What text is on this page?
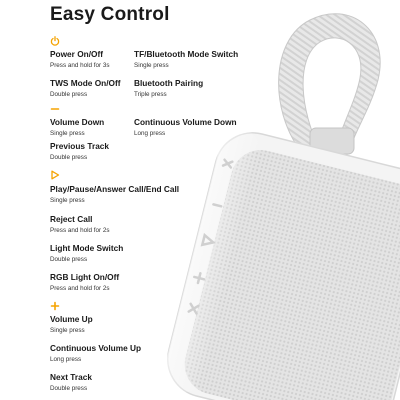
Easy Control
Power On/Off
Press and hold for 3s
TF/Bluetooth Mode Switch
Single press
TWS Mode On/Off
Double press
Bluetooth Pairing
Triple press
Volume Down
Single press
Continuous Volume Down
Long press
Previous Track
Double press
Play/Pause/Answer Call/End Call
Single press
Reject Call
Press and hold for 2s
Light Mode Switch
Double press
RGB Light On/Off
Press and hold for 2s
Volume Up
Single press
Continuous Volume Up
Long press
Next Track
Double press
